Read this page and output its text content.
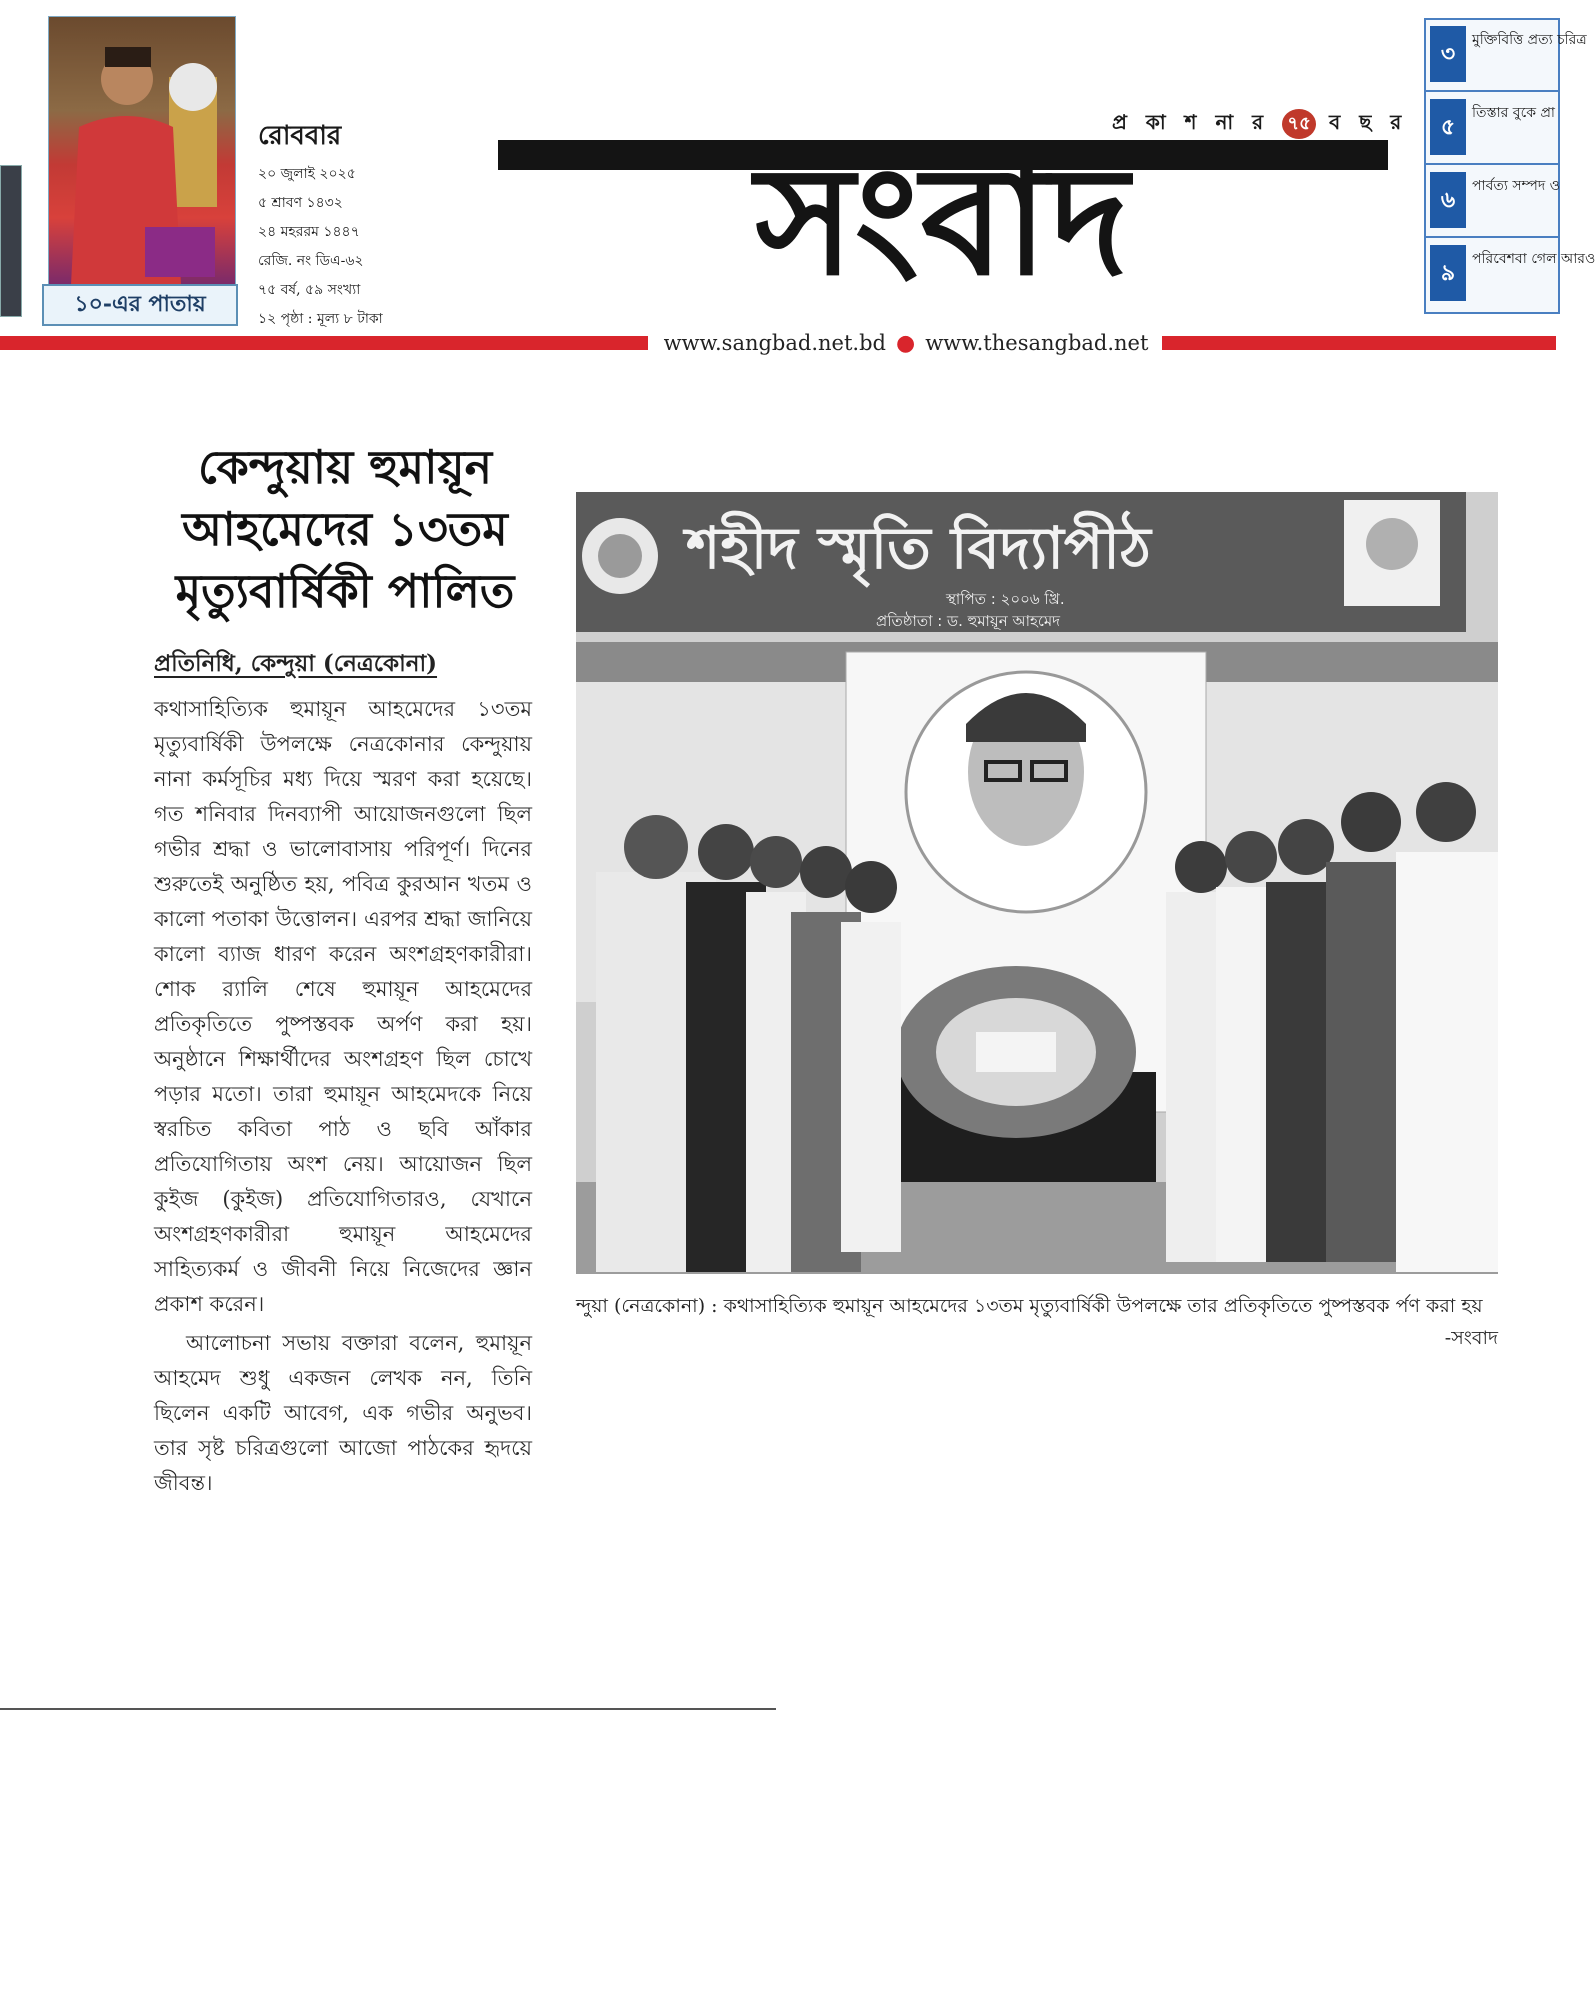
১০-এর পাতায়
রোববার
২০ জুলাই ২০২৫
৫ শ্রাবণ ১৪৩২
২৪ মহররম ১৪৪৭
রেজি. নং ডিএ-৬২
৭৫ বর্ষ, ৫৯ সংখ্যা
১২ পৃষ্ঠা : মূল্য ৮ টাকা
প্র কা শ না র ৭৫ ব ছ র
সংবাদ
৩
মুক্তিবিত্তি প্রত্য চরিত্র
৫
তিস্তার বুকে প্রা
৬
পার্বত্য সম্পদ ও
৯
পরিবেশবা গেল আরও
www.sangbad.net.bd ● www.thesangbad.net
কেন্দুয়ায় হুমায়ূন আহমেদের ১৩তম মৃত্যুবার্ষিকী পালিত
প্রতিনিধি, কেন্দুয়া (নেত্রকোনা)

কথাসাহিত্যিক হুমায়ূন আহমেদের ১৩তম মৃত্যুবার্ষিকী উপলক্ষে নেত্রকোনার কেন্দুয়ায় নানা কর্মসূচির মধ্য দিয়ে স্মরণ করা হয়েছে। গত শনিবার দিনব্যাপী আয়োজনগুলো ছিল গভীর শ্রদ্ধা ও ভালোবাসায় পরিপূর্ণ। দিনের শুরুতেই অনুষ্ঠিত হয়, পবিত্র কুরআন খতম ও কালো পতাকা উত্তোলন। এরপর শ্রদ্ধা জানিয়ে কালো ব্যাজ ধারণ করেন অংশগ্রহণকারীরা। শোক র‍্যালি শেষে হুমায়ূন আহমেদের প্রতিকৃতিতে পুষ্পস্তবক অর্পণ করা হয়। অনুষ্ঠানে শিক্ষার্থীদের অংশগ্রহণ ছিল চোখে পড়ার মতো। তারা হুমায়ূন আহমেদকে নিয়ে স্বরচিত কবিতা পাঠ ও ছবি আঁকার প্রতিযোগিতায় অংশ নেয়। আয়োজন ছিল কুইজ (কুইজ) প্রতিযোগিতারও, যেখানে অংশগ্রহণকারীরা হুমায়ূন আহমেদের সাহিত্যকর্ম ও জীবনী নিয়ে নিজেদের জ্ঞান প্রকাশ করেন।

আলোচনা সভায় বক্তারা বলেন, হুমায়ূন আহমেদ শুধু একজন লেখক নন, তিনি ছিলেন একটি আবেগ, এক গভীর অনুভব। তার সৃষ্ট চরিত্রগুলো আজো পাঠকের হৃদয়ে জীবন্ত।

শহীদ স্মৃতি বিদ্যাপীঠ
স্থাপিত : ২০০৬ খ্রি.
প্রতিষ্ঠাতা : ড. হুমায়ূন আহমেদ
ন্দুয়া (নেত্রকোনা) : কথাসাহিত্যিক হুমায়ূন আহমেদের ১৩তম মৃত্যুবার্ষিকী উপলক্ষে তার প্রতিকৃতিতে পুষ্পস্তবক র্পণ করা হয়
-সংবাদ
